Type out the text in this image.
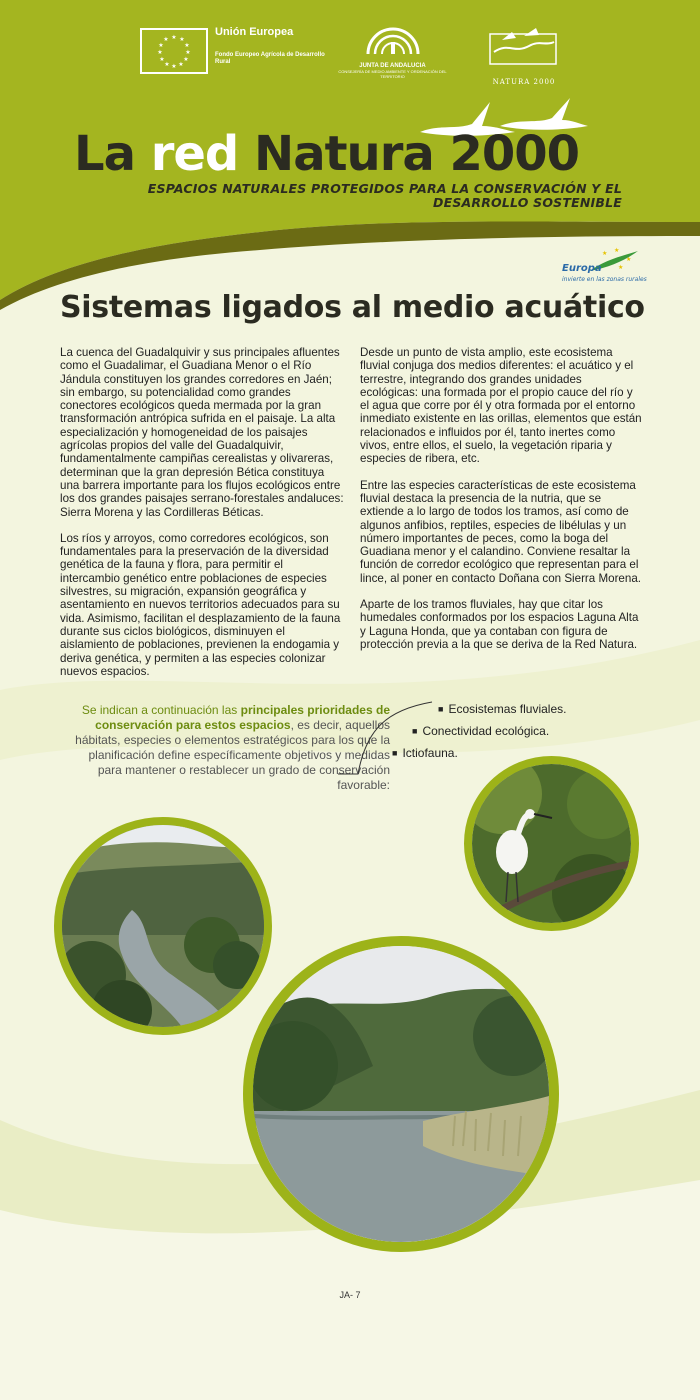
★ ★
★
★
★
★
★
★
★
★
★
★
Unión Europea
Fondo Europeo Agrícola de Desarrollo Rural
JUNTA DE ANDALUCIA
CONSEJERÍA DE MEDIO AMBIENTE Y ORDENACIÓN DEL TERRITORIO
NATURA 2000
La red Natura 2000
ESPACIOS NATURALES PROTEGIDOS PARA LA CONSERVACIÓN Y EL DESARROLLO SOSTENIBLE
★ ★
★
★
Europa
invierte en las zonas rurales
Sistemas ligados al medio acuático

La cuenca del Guadalquivir y sus principales afluentes como el Guadalimar, el Guadiana Menor o el Río Jándula constituyen los grandes corredores en Jaén; sin embargo, su potencialidad como grandes conectores ecológicos queda mermada por la gran transformación antrópica sufrida en el paisaje. La alta especialización y homogeneidad de los paisajes agrícolas propios del valle del Guadalquivir, fundamentalmente campiñas cerealistas y olivareras, determinan que la gran depresión Bética constituya una barrera importante para los flujos ecológicos entre los dos grandes paisajes serrano-forestales andaluces: Sierra Morena y las Cordilleras Béticas.

Los ríos y arroyos, como corredores ecológicos, son fundamentales para la preservación de la diversidad genética de la fauna y flora, para permitir el intercambio genético entre poblaciones de especies silvestres, su migración, expansión geográfica y asentamiento en nuevos territorios adecuados para su vida. Asimismo, facilitan el desplazamiento de la fauna durante sus ciclos biológicos, disminuyen el aislamiento de poblaciones, previenen la endogamia y deriva genética, y permiten a las especies colonizar nuevos espacios.

Desde un punto de vista amplio, este ecosistema fluvial conjuga dos medios diferentes: el acuático y el terrestre, integrando dos grandes unidades ecológicas: una formada por el propio cauce del río y el agua que corre por él y otra formada por el entorno inmediato existente en las orillas, elementos que están relacionados e influidos por él, tanto inertes como vivos, entre ellos, el suelo, la vegetación riparia y especies de ribera, etc.

Entre las especies características de este ecosistema fluvial destaca la presencia de la nutria, que se extiende a lo largo de todos los tramos, así como de algunos anfibios, reptiles, especies de libélulas y un número importantes de peces, como la boga del Guadiana menor y el calandino. Conviene resaltar la función de corredor ecológico que representan para el lince, al poner en contacto Doñana con Sierra Morena.

Aparte de los tramos fluviales, hay que citar los humedales conformados por los espacios Laguna Alta y Laguna Honda, que ya contaban con figura de protección previa a la que se deriva de la Red Natura.

Se indican a continuación las principales prioridades de conservación para estos espacios, es decir, aquellos hábitats, especies o elementos estratégicos para los que la planificación define específicamente objetivos y medidas para mantener o restablecer un grado de conservación favorable:
■ Ecosistemas fluviales.
■ Conectividad ecológica.
■ Ictiofauna.
JA- 7
